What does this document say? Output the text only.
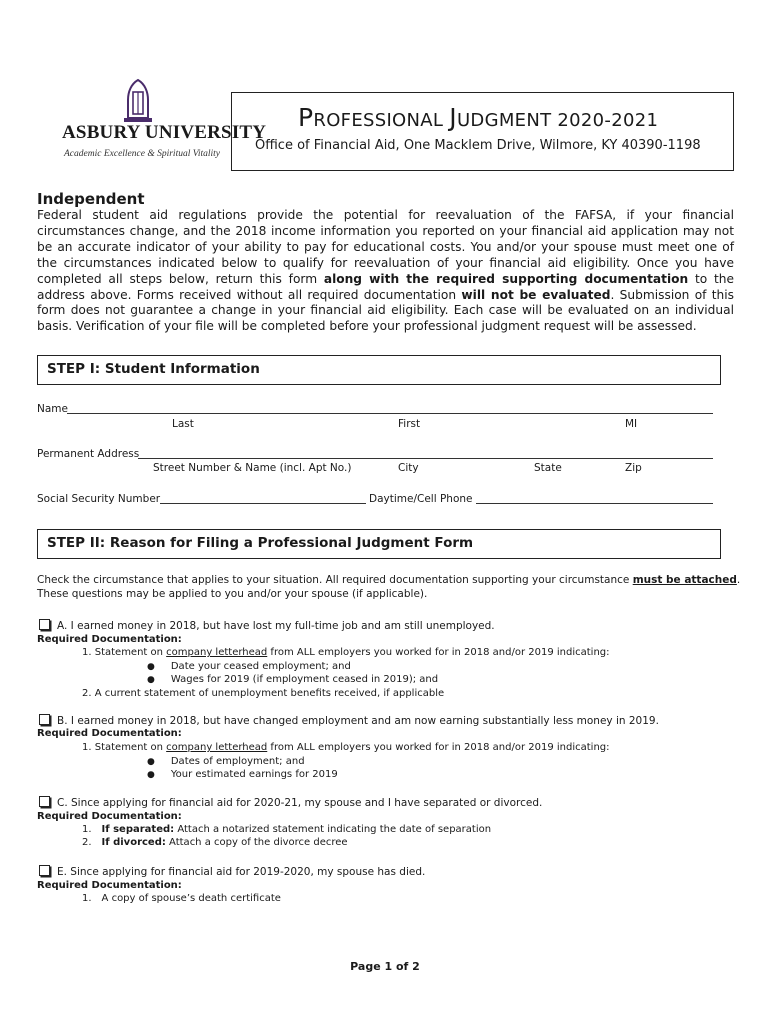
ASBURY UNIVERSITY
Academic Excellence & Spiritual Vitality
PROFESSIONAL JUDGMENT 2020-2021
Office of Financial Aid, One Macklem Drive, Wilmore, KY 40390-1198
Independent
Federal student aid regulations provide the potential for reevaluation of the FAFSA, if your financial circumstances change, and the 2018 income information you reported on your financial aid application may not be an accurate indicator of your ability to pay for educational costs. You and/or your spouse must meet one of the circumstances indicated below to qualify for reevaluation of your financial aid eligibility. Once you have completed all steps below, return this form along with the required supporting documentation to the address above. Forms received without all required documentation will not be evaluated. Submission of this form does not guarantee a change in your financial aid eligibility. Each case will be evaluated on an individual basis. Verification of your file will be completed before your professional judgment request will be assessed.
STEP I: Student Information
Name
Last	First	MI
Permanent Address
Street Number & Name (incl. Apt No.)	City	State	Zip
Social Security Number	Daytime/Cell Phone
STEP II: Reason for Filing a Professional Judgment Form
Check the circumstance that applies to your situation. All required documentation supporting your circumstance must be attached.
These questions may be applied to you and/or your spouse (if applicable).
A. I earned money in 2018, but have lost my full-time job and am still unemployed.
Required Documentation:
1. Statement on company letterhead from ALL employers you worked for in 2018 and/or 2019 indicating:
● Date your ceased employment; and
● Wages for 2019 (if employment ceased in 2019); and
2. A current statement of unemployment benefits received, if applicable
B. I earned money in 2018, but have changed employment and am now earning substantially less money in 2019.
Required Documentation:
1. Statement on company letterhead from ALL employers you worked for in 2018 and/or 2019 indicating:
● Dates of employment; and
● Your estimated earnings for 2019
C. Since applying for financial aid for 2020-21, my spouse and I have separated or divorced.
Required Documentation:
1. If separated: Attach a notarized statement indicating the date of separation
2. If divorced: Attach a copy of the divorce decree
E. Since applying for financial aid for 2019-2020, my spouse has died.
Required Documentation:
1. A copy of spouse’s death certificate
Page 1 of 2
